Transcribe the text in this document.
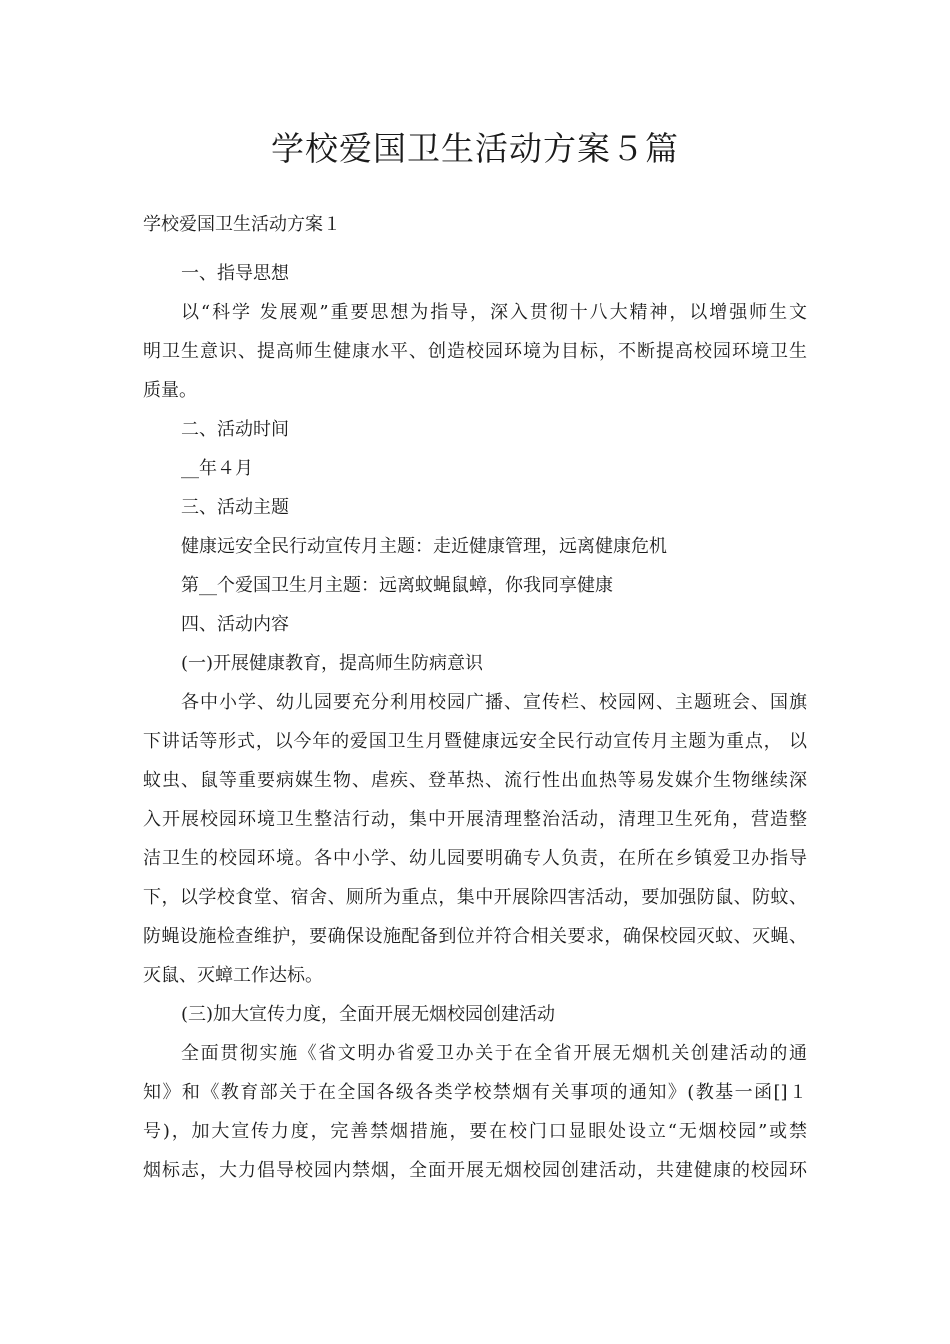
学校爱国卫生活动方案５篇
学校爱国卫生活动方案１
一、指导思想
以“科学 发展观”重要思想为指导，深入贯彻十八大精神，以增强师生文
明卫生意识、提高师生健康水平、创造校园环境为目标，不断提高校园环境卫生
质量。
二、活动时间
__年４月
三、活动主题
健康远安全民行动宣传月主题：走近健康管理，远离健康危机
第__个爱国卫生月主题：远离蚊蝇鼠蟑，你我同享健康
四、活动内容
(一)开展健康教育，提高师生防病意识
各中小学、幼儿园要充分利用校园广播、宣传栏、校园网、主题班会、国旗
下讲话等形式，以今年的爱国卫生月暨健康远安全民行动宣传月主题为重点， 以
蚊虫、鼠等重要病媒生物、虐疾、登革热、流行性出血热等易发媒介生物继续深
入开展校园环境卫生整洁行动，集中开展清理整治活动，清理卫生死角，营造整
洁卫生的校园环境。各中小学、幼儿园要明确专人负责，在所在乡镇爱卫办指导
下，以学校食堂、宿舍、厕所为重点，集中开展除四害活动，要加强防鼠、防蚊、
防蝇设施检查维护，要确保设施配备到位并符合相关要求，确保校园灭蚊、灭蝇、
灭鼠、灭蟑工作达标。
(三)加大宣传力度，全面开展无烟校园创建活动
全面贯彻实施《省文明办省爱卫办关于在全省开展无烟机关创建活动的通
知》和《教育部关于在全国各级各类学校禁烟有关事项的通知》(教基一函[]１
号)，加大宣传力度，完善禁烟措施，要在校门口显眼处设立“无烟校园”或禁
烟标志，大力倡导校园内禁烟，全面开展无烟校园创建活动，共建健康的校园环
